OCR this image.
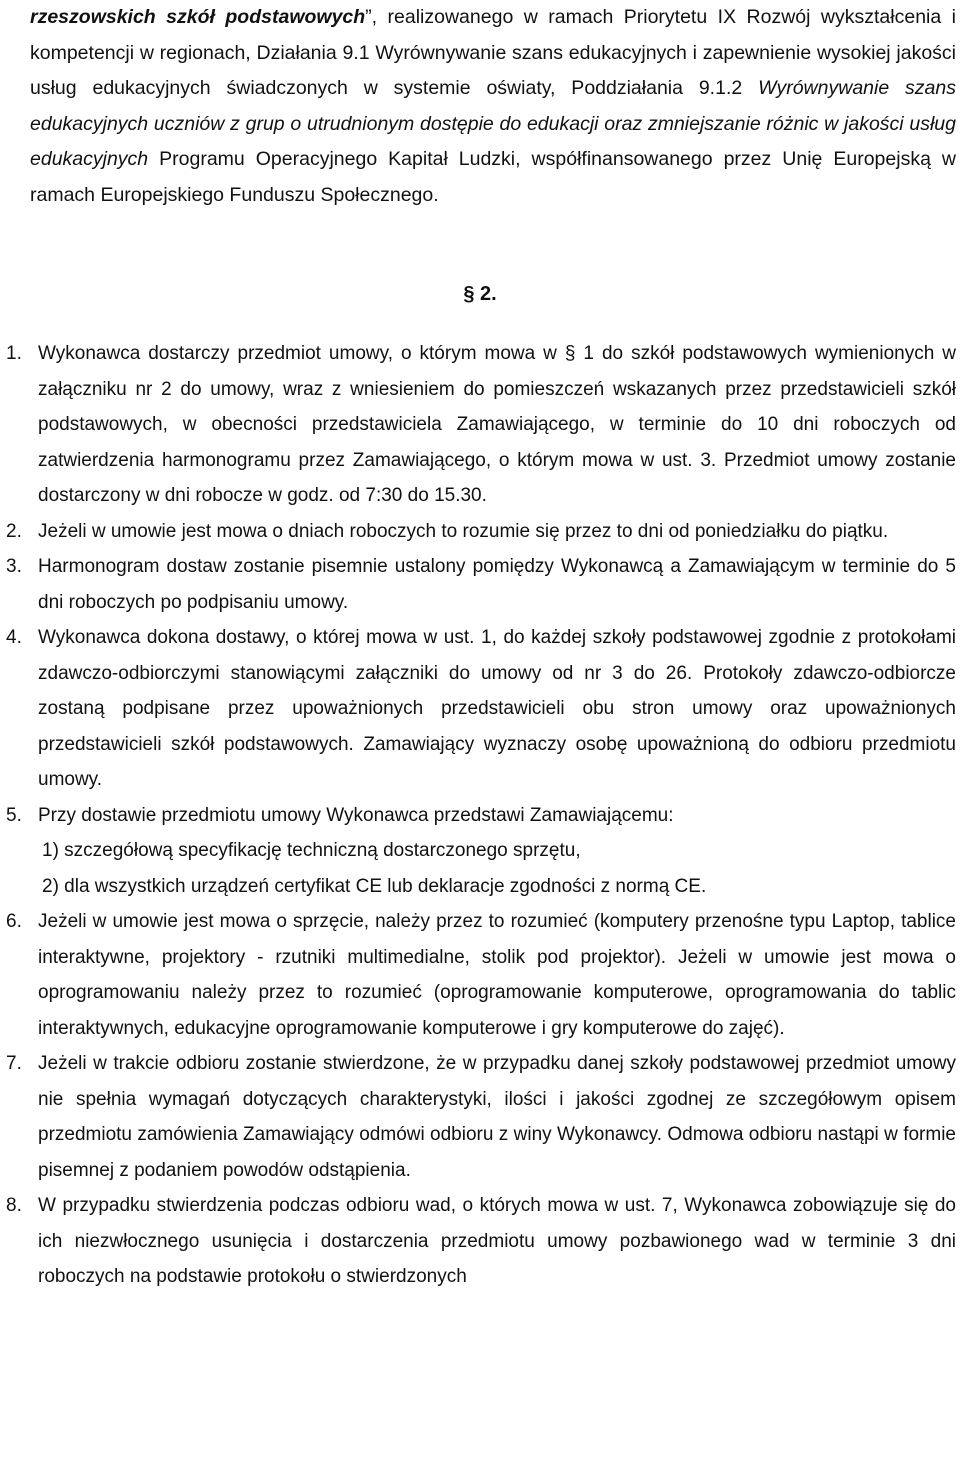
rzeszowskich szkół podstawowych”, realizowanego w ramach Priorytetu IX Rozwój wykształcenia i kompetencji w regionach, Działania 9.1 Wyrównywanie szans edukacyjnych i zapewnienie wysokiej jakości usług edukacyjnych świadczonych w systemie oświaty, Poddziałania 9.1.2 Wyrównywanie szans edukacyjnych uczniów z grup o utrudnionym dostępie do edukacji oraz zmniejszanie różnic w jakości usług edukacyjnych Programu Operacyjnego Kapitał Ludzki, współfinansowanego przez Unię Europejską w ramach Europejskiego Funduszu Społecznego.

§ 2.
1. Wykonawca dostarczy przedmiot umowy, o którym mowa w § 1 do szkół podstawowych wymienionych w załączniku nr 2 do umowy, wraz z wniesieniem do pomieszczeń wskazanych przez przedstawicieli szkół podstawowych, w obecności przedstawiciela Zamawiającego, w terminie do 10 dni roboczych od zatwierdzenia harmonogramu przez Zamawiającego, o którym mowa w ust. 3. Przedmiot umowy zostanie dostarczony w dni robocze w godz. od 7:30 do 15.30.
2. Jeżeli w umowie jest mowa o dniach roboczych to rozumie się przez to dni od poniedziałku do piątku.
3. Harmonogram dostaw zostanie pisemnie ustalony pomiędzy Wykonawcą a Zamawiającym w terminie do 5 dni roboczych po podpisaniu umowy.
4. Wykonawca dokona dostawy, o której mowa w ust. 1, do każdej szkoły podstawowej zgodnie z protokołami zdawczo-odbiorczymi stanowiącymi załączniki do umowy od nr 3 do 26. Protokoły zdawczo-odbiorcze zostaną podpisane przez upoważnionych przedstawicieli obu stron umowy oraz upoważnionych przedstawicieli szkół podstawowych. Zamawiający wyznaczy osobę upoważnioną do odbioru przedmiotu umowy.
5. Przy dostawie przedmiotu umowy Wykonawca przedstawi Zamawiającemu:
1) szczegółową specyfikację techniczną dostarczonego sprzętu,
2) dla wszystkich urządzeń certyfikat CE lub deklaracje zgodności z normą CE.
6. Jeżeli w umowie jest mowa o sprzęcie, należy przez to rozumieć (komputery przenośne typu Laptop, tablice interaktywne, projektory - rzutniki multimedialne, stolik pod projektor). Jeżeli w umowie jest mowa o oprogramowaniu należy przez to rozumieć (oprogramowanie komputerowe, oprogramowania do tablic interaktywnych, edukacyjne oprogramowanie komputerowe i gry komputerowe do zajęć).
7. Jeżeli w trakcie odbioru zostanie stwierdzone, że w przypadku danej szkoły podstawowej przedmiot umowy nie spełnia wymagań dotyczących charakterystyki, ilości i jakości zgodnej ze szczegółowym opisem przedmiotu zamówienia Zamawiający odmówi odbioru z winy Wykonawcy. Odmowa odbioru nastąpi w formie pisemnej z podaniem powodów odstąpienia.
8. W przypadku stwierdzenia podczas odbioru wad, o których mowa w ust. 7, Wykonawca zobowiązuje się do ich niezwłocznego usunięcia i dostarczenia przedmiotu umowy pozbawionego wad w terminie 3 dni roboczych na podstawie protokołu o stwierdzonych
